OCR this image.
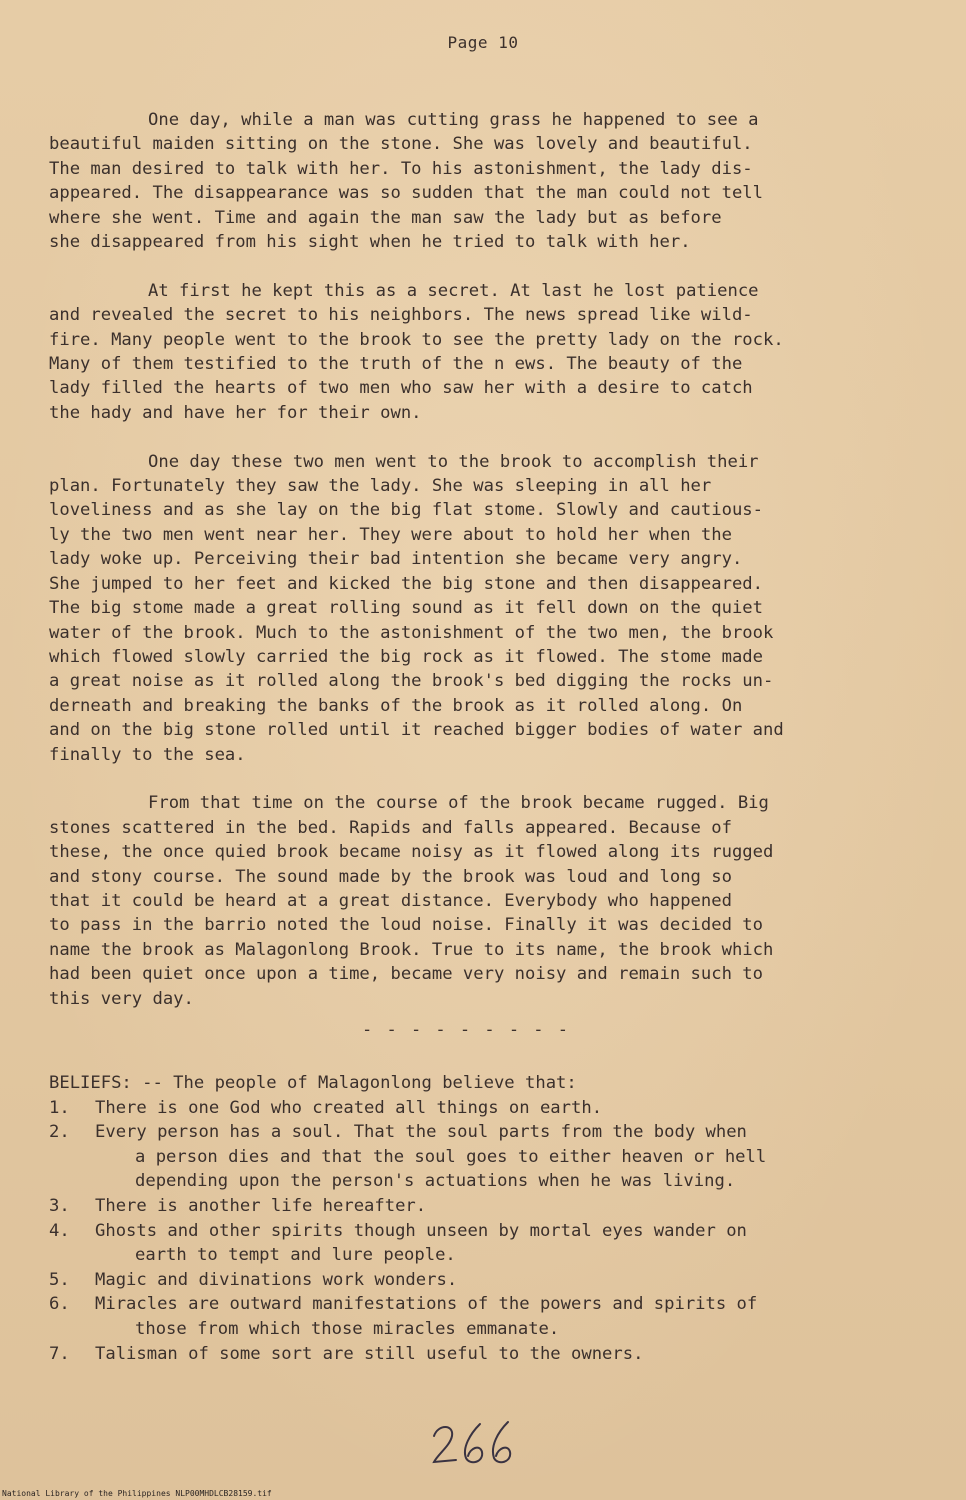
Page 10

One day, while a man was cutting grass he happened to see a
beautiful maiden sitting on the stone. She was lovely and beautiful.
The man desired to talk with her. To his astonishment, the lady dis-
appeared. The disappearance was so sudden that the man could not tell
where she went. Time and again the man saw the lady but as before
she disappeared from his sight when he tried to talk with her.

At first he kept this as a secret. At last he lost patience
and revealed the secret to his neighbors. The news spread like wild-
fire. Many people went to the brook to see the pretty lady on the rock.
Many of them testified to the truth of the n ews. The beauty of the
lady filled the hearts of two men who saw her with a desire to catch
the hady and have her for their own.

One day these two men went to the brook to accomplish their
plan. Fortunately they saw the lady. She was sleeping in all her
loveliness and as she lay on the big flat stome. Slowly and cautious-
ly the two men went near her. They were about to hold her when the
lady woke up. Perceiving their bad intention she became very angry.
She jumped to her feet and kicked the big stone and then disappeared.
The big stome made a great rolling sound as it fell down on the quiet
water of the brook. Much to the astonishment of the two men, the brook
which flowed slowly carried the big rock as it flowed. The stome made
a great noise as it rolled along the brook's bed digging the rocks un-
derneath and breaking the banks of the brook as it rolled along. On
and on the big stone rolled until it reached bigger bodies of water and
finally to the sea.

From that time on the course of the brook became rugged. Big
stones scattered in the bed. Rapids and falls appeared. Because of
these, the once quied brook became noisy as it flowed along its rugged
and stony course. The sound made by the brook was loud and long so
that it could be heard at a great distance. Everybody who happened
to pass in the barrio noted the loud noise. Finally it was decided to
name the brook as Malagonlong Brook. True to its name, the brook which
had been quiet once upon a time, became very noisy and remain such to
this very day.

- - - - - - - - -
BELIEFS: -- The people of Malagonlong believe that:
1. There is one God who created all things on earth.
2. Every person has a soul. That the soul parts from the body when
a person dies and that the soul goes to either heaven or hell
depending upon the person's actuations when he was living.
3. There is another life hereafter.
4. Ghosts and other spirits though unseen by mortal eyes wander on
earth to tempt and lure people.
5. Magic and divinations work wonders.
6. Miracles are outward manifestations of the powers and spirits of
those from which those miracles emmanate.
7. Talisman of some sort are still useful to the owners.
National Library of the Philippines NLP00MHDLCB28159.tif
